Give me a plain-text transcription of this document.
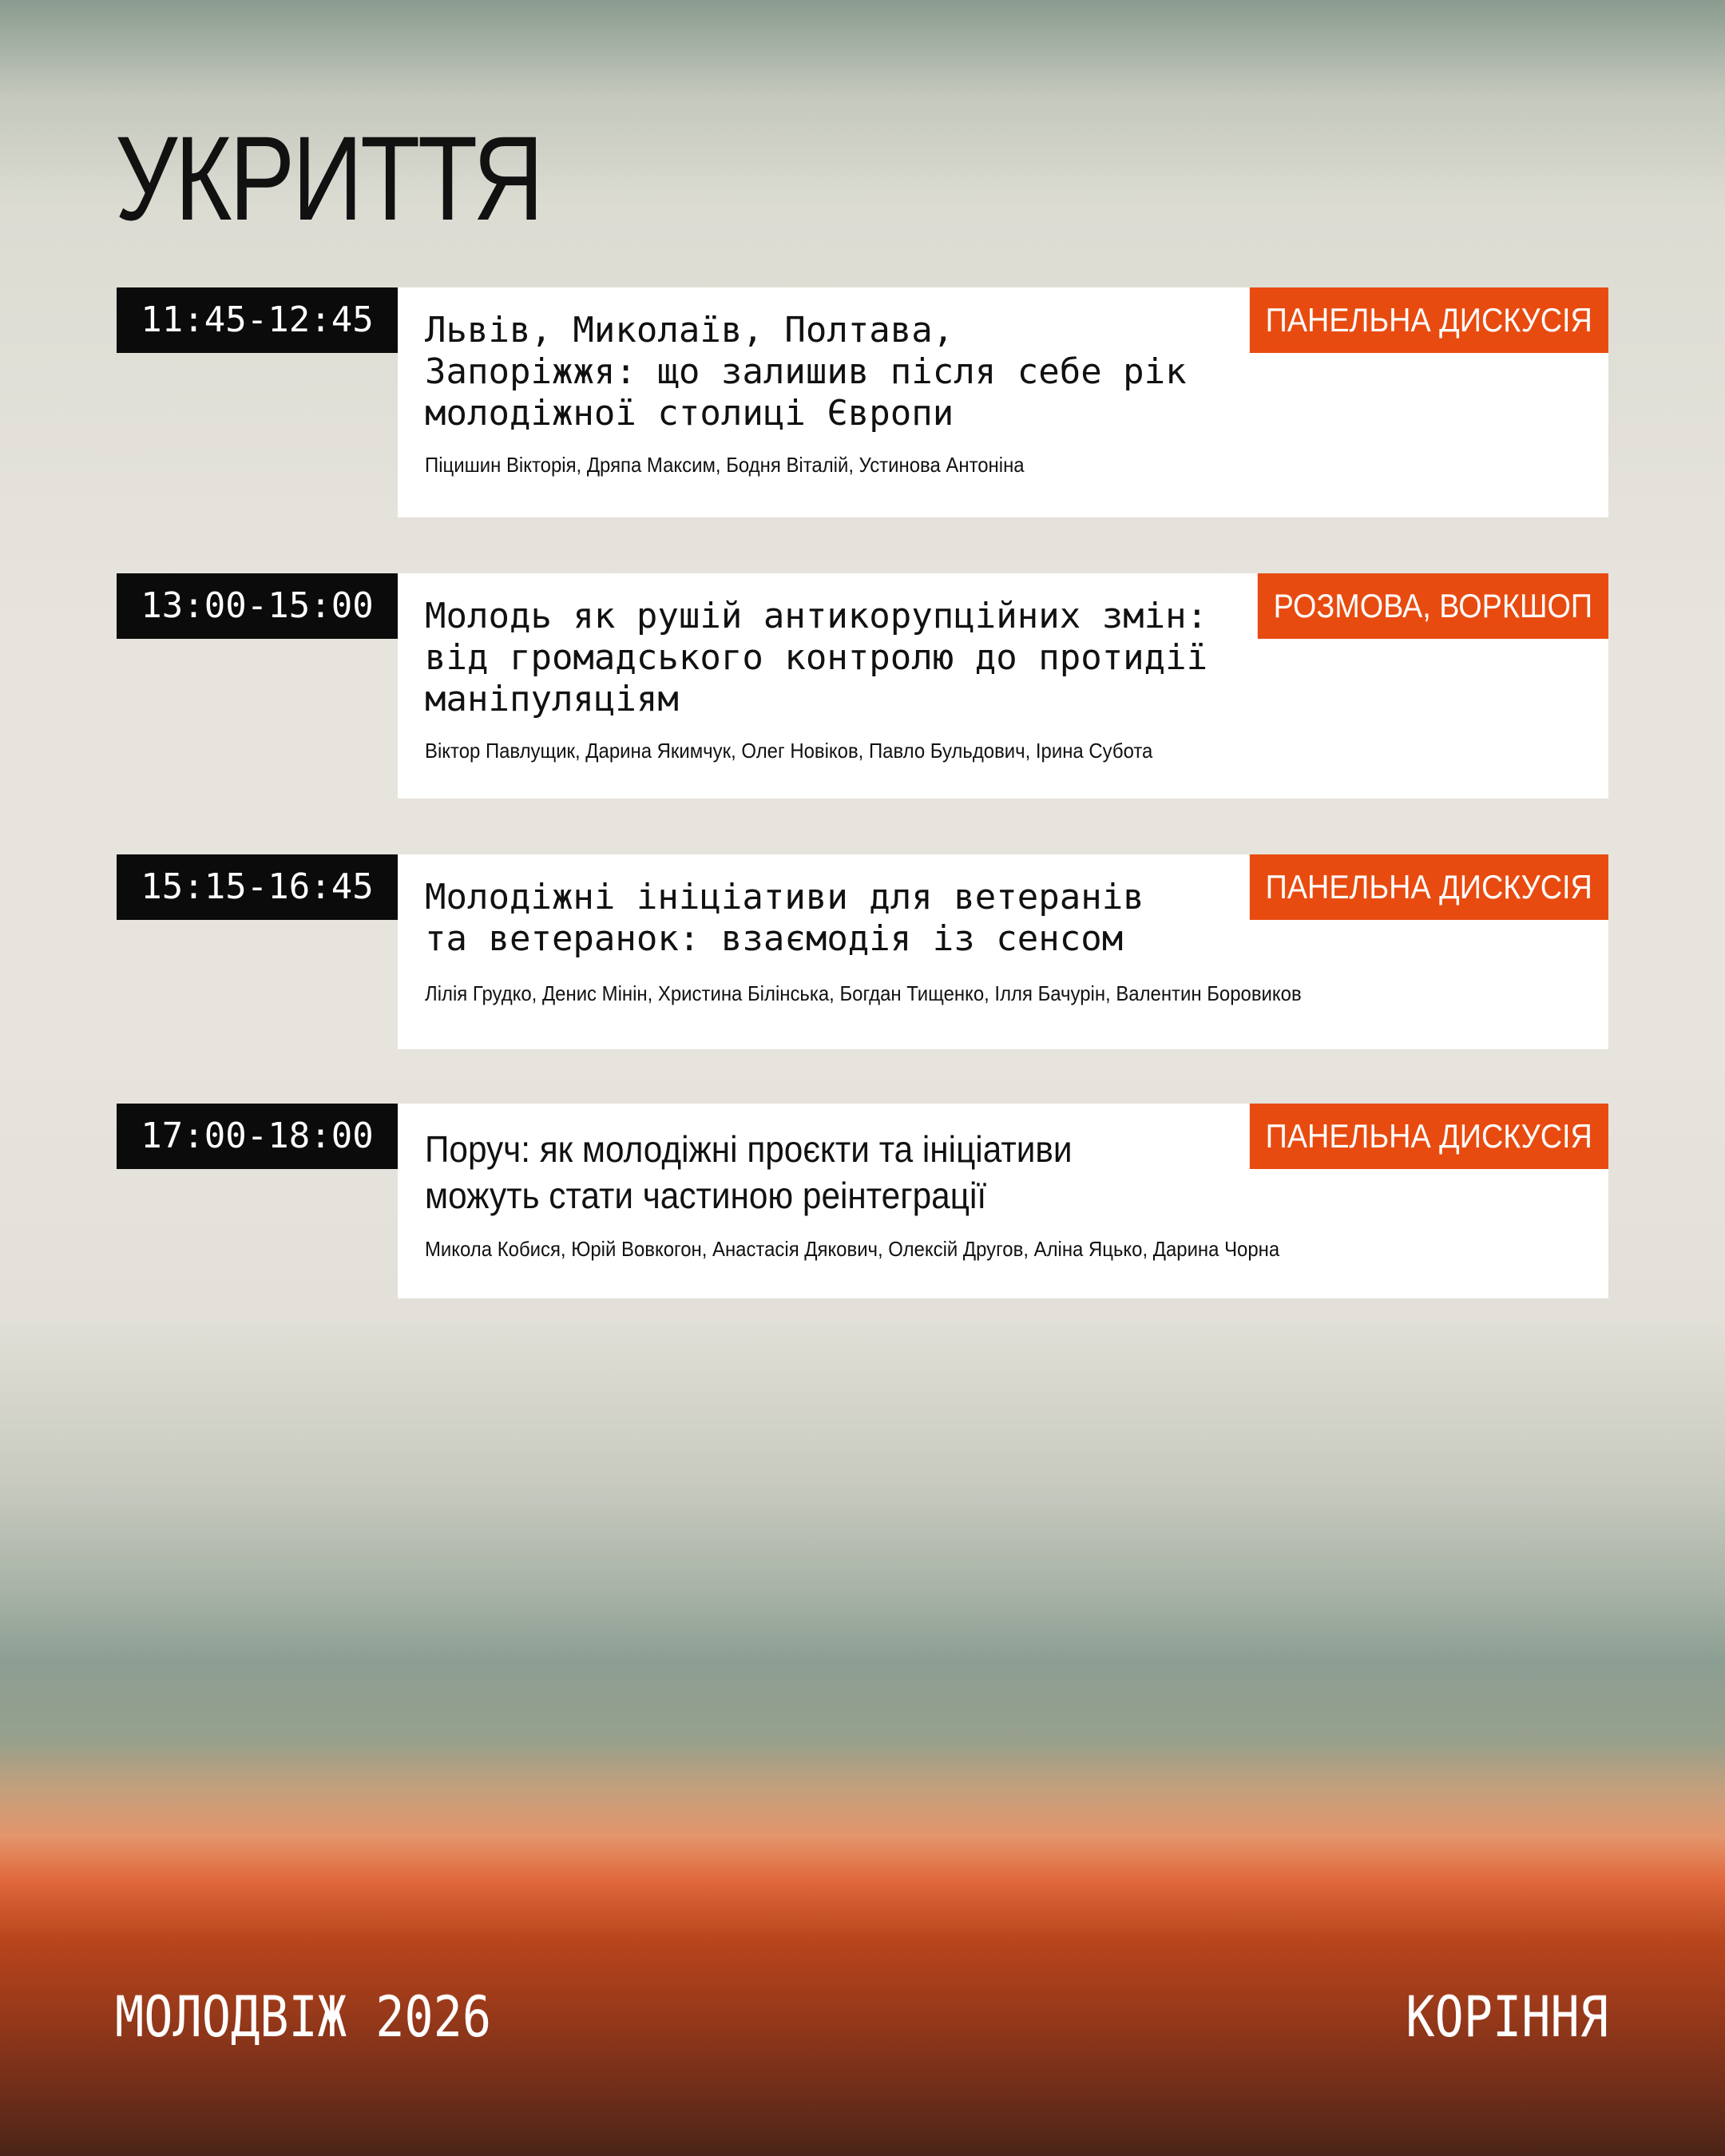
УКРИТТЯ
11:45-12:45	ПАНЕЛЬНА ДИСКУСІЯ
Львів, Миколаїв, Полтава,
Запоріжжя: що залишив після себе рік
молодіжної столиці Європи

Піцишин Вікторія, Дряпа Максим, Бодня Віталій, Устинова Антоніна

13:00-15:00	РОЗМОВА, ВОРКШОП
Молодь як рушій антикорупційних змін:
від громадського контролю до протидії
маніпуляціям

Віктор Павлущик, Дарина Якимчук, Олег Новіков, Павло Бульдович, Ірина Субота

15:15-16:45	ПАНЕЛЬНА ДИСКУСІЯ
Молодіжні ініціативи для ветеранів
та ветеранок: взаємодія із сенсом

Лілія Грудко, Денис Мінін, Христина Білінська, Богдан Тищенко, Ілля Бачурін, Валентин Боровиков

17:00-18:00	ПАНЕЛЬНА ДИСКУСІЯ
Поруч: як молодіжні проєкти та ініціативи
можуть стати частиною реінтеграції

Микола Кобися, Юрій Вовкогон, Анастасія Дякович, Олексій Другов, Аліна Яцько, Дарина Чорна

МОЛОДВІЖ 2026	КОРІННЯ
